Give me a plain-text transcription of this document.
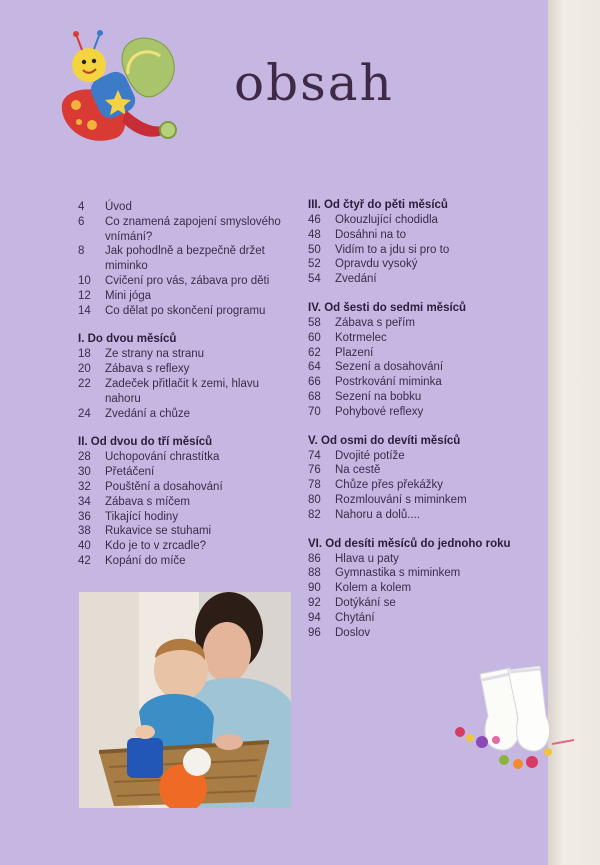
obsah
4	Úvod
6	Co znamená zapojení smyslového vnímání?
8	Jak pohodlně a bezpečně držet miminko
10	Cvičení pro vás, zábava pro děti
12	Mini jóga
14	Co dělat po skončení programu
I. Do dvou měsíců
18	Ze strany na stranu
20	Zábava s reflexy
22	Zadeček přitlačit k zemi, hlavu nahoru
24	Zvedání a chůze
II. Od dvou do tří měsíců
28	Uchopování chrastítka
30	Přetáčení
32	Pouštění a dosahování
34	Zábava s míčem
36	Tikající hodiny
38	Rukavice se stuhami
40	Kdo je to v zrcadle?
42	Kopání do míče
III. Od čtyř do pěti měsíců
46	Okouzlující chodidla
48	Dosáhni na to
50	Vidím to a jdu si pro to
52	Opravdu vysoký
54	Zvedání
IV. Od šesti do sedmi měsíců
58	Zábava s peřím
60	Kotrmelec
62	Plazení
64	Sezení a dosahování
66	Postrkování miminka
68	Sezení na bobku
70	Pohybové reflexy
V. Od osmi do devíti měsíců
74	Dvojité potíže
76	Na cestě
78	Chůze přes překážky
80	Rozmlouvání s miminkem
82	Nahoru a dolů....
VI. Od desíti měsíců do jednoho roku
86	Hlava u paty
88	Gymnastika s miminkem
90	Kolem a kolem
92	Dotýkání se
94	Chytání
96	Doslov
